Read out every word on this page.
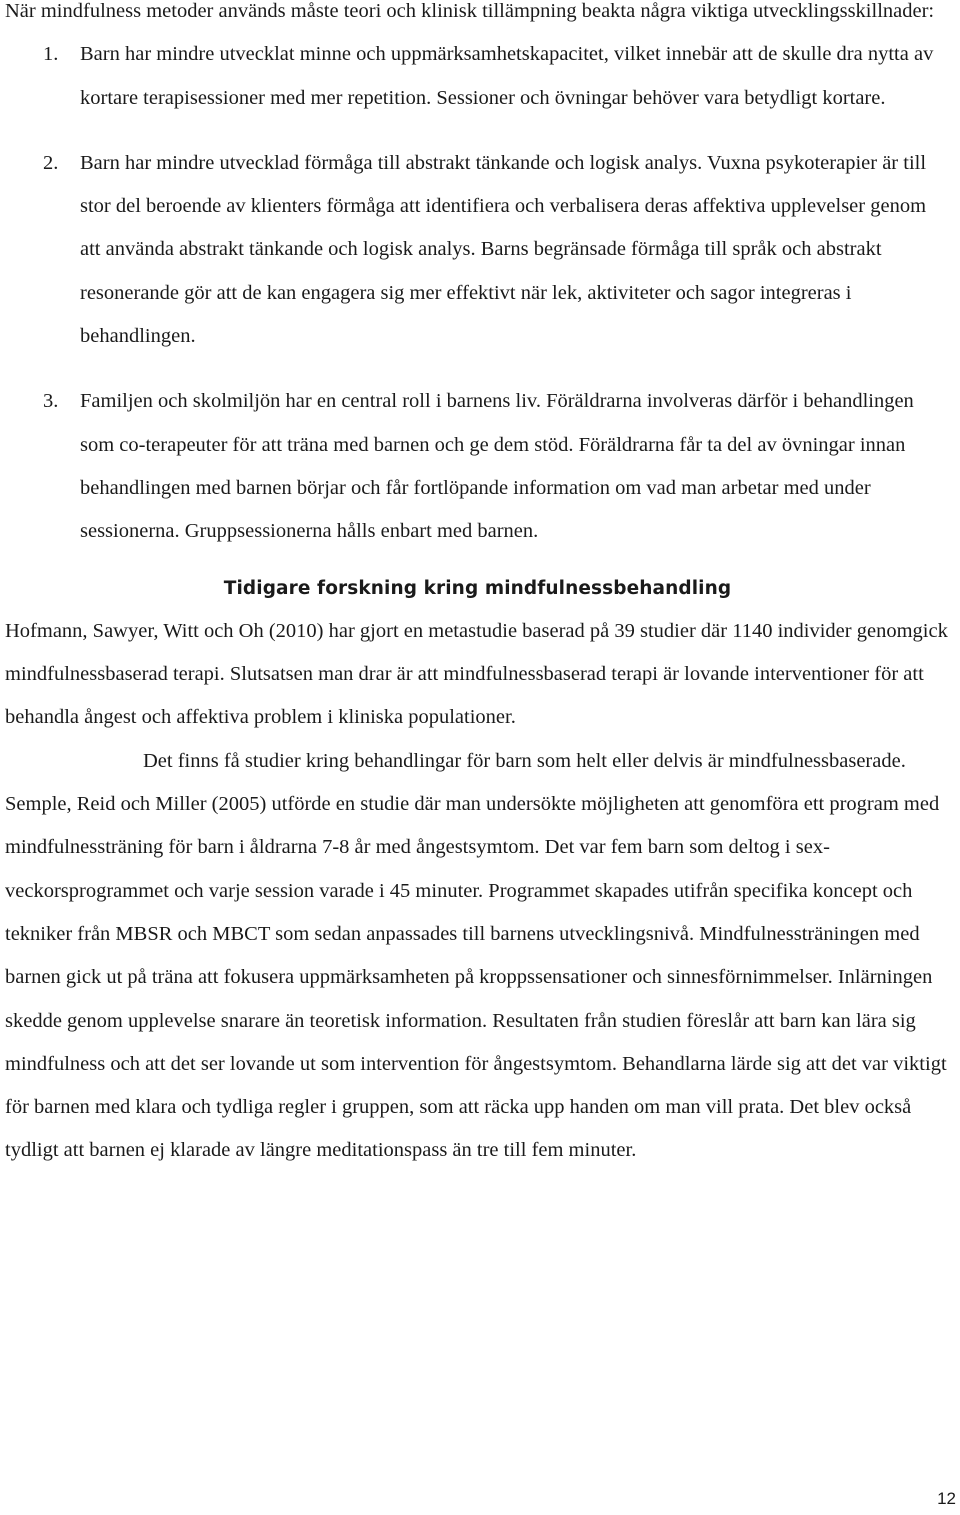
När mindfulness metoder används måste teori och klinisk tillämpning beakta några viktiga utvecklingsskillnader:

1. Barn har mindre utvecklat minne och uppmärksamhetskapacitet, vilket innebär att de skulle dra nytta av kortare terapisessioner med mer repetition. Sessioner och övningar behöver vara betydligt kortare.
2. Barn har mindre utvecklad förmåga till abstrakt tänkande och logisk analys. Vuxna psykoterapier är till stor del beroende av klienters förmåga att identifiera och verbalisera deras affektiva upplevelser genom att använda abstrakt tänkande och logisk analys. Barns begränsade förmåga till språk och abstrakt resonerande gör att de kan engagera sig mer effektivt när lek, aktiviteter och sagor integreras i behandlingen.
3. Familjen och skolmiljön har en central roll i barnens liv. Föräldrarna involveras därför i behandlingen som co-terapeuter för att träna med barnen och ge dem stöd. Föräldrarna får ta del av övningar innan behandlingen med barnen börjar och får fortlöpande information om vad man arbetar med under sessionerna. Gruppsessionerna hålls enbart med barnen.
Tidigare forskning kring mindfulnessbehandling

Hofmann, Sawyer, Witt och Oh (2010) har gjort en metastudie baserad på 39 studier där 1140 individer genomgick mindfulnessbaserad terapi. Slutsatsen man drar är att mindfulnessbaserad terapi är lovande interventioner för att behandla ångest och affektiva problem i kliniska populationer.

Det finns få studier kring behandlingar för barn som helt eller delvis är mindfulnessbaserade. Semple, Reid och Miller (2005) utförde en studie där man undersökte möjligheten att genomföra ett program med mindfulnessträning för barn i åldrarna 7-8 år med ångestsymtom. Det var fem barn som deltog i sex-veckorsprogrammet och varje session varade i 45 minuter. Programmet skapades utifrån specifika koncept och tekniker från MBSR och MBCT som sedan anpassades till barnens utvecklingsnivå. Mindfulnessträningen med barnen gick ut på träna att fokusera uppmärksamheten på kroppssensationer och sinnesförnimmelser. Inlärningen skedde genom upplevelse snarare än teoretisk information. Resultaten från studien föreslår att barn kan lära sig mindfulness och att det ser lovande ut som intervention för ångestsymtom. Behandlarna lärde sig att det var viktigt för barnen med klara och tydliga regler i gruppen, som att räcka upp handen om man vill prata. Det blev också tydligt att barnen ej klarade av längre meditationspass än tre till fem minuter.

12
